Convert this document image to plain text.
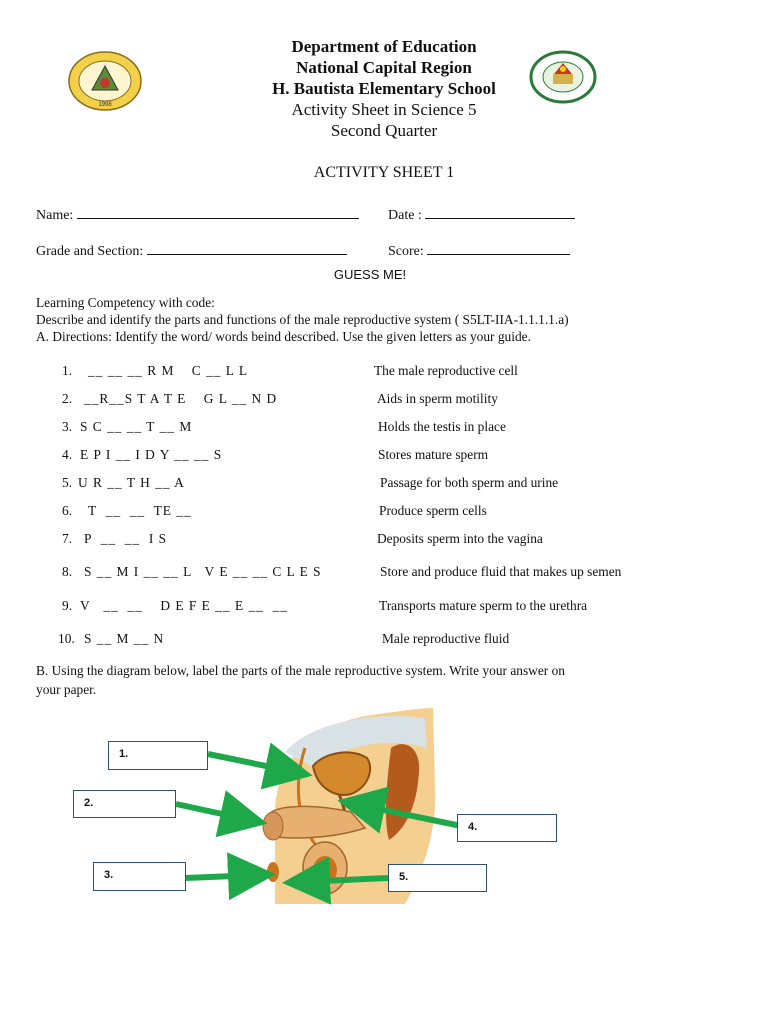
1998
Department of Education
National Capital Region
H. Bautista Elementary School
Activity Sheet in Science 5
Second Quarter
ACTIVITY SHEET 1
Name:	Date :
Grade and Section:	Score:
GUESS ME!
Learning Competency with code:
Describe and identify the parts and functions of the male reproductive system ( S5LT-IIA-1.1.1.1.a)
A. Directions: Identify the word/ words beind described. Use the given letters as your guide.
1. __ __ __ R M    C __ L L	The male reproductive cell
2. __R__S T A T E    G L __ N D	Aids in sperm motility
3. S C __ __ T __ M	Holds the testis in place
4. E P I __ I D Y __ __ S	Stores mature sperm
5. U R __ T H __ A	Passage for both sperm and urine
6. T  __  __  TE __	Produce sperm cells
7. P  __  __  I S	Deposits sperm into the vagina
8. S __ M I __ __ L   V E __ __ C L E S	Store and produce fluid that makes up semen
9. V   __  __    D E F E __ E __  __	Transports mature sperm to the urethra
10. S __ M __ N	Male reproductive fluid
B. Using the diagram below, label the parts of the male reproductive system. Write your answer on
your paper.
1.
2.
3.
4.
5.
